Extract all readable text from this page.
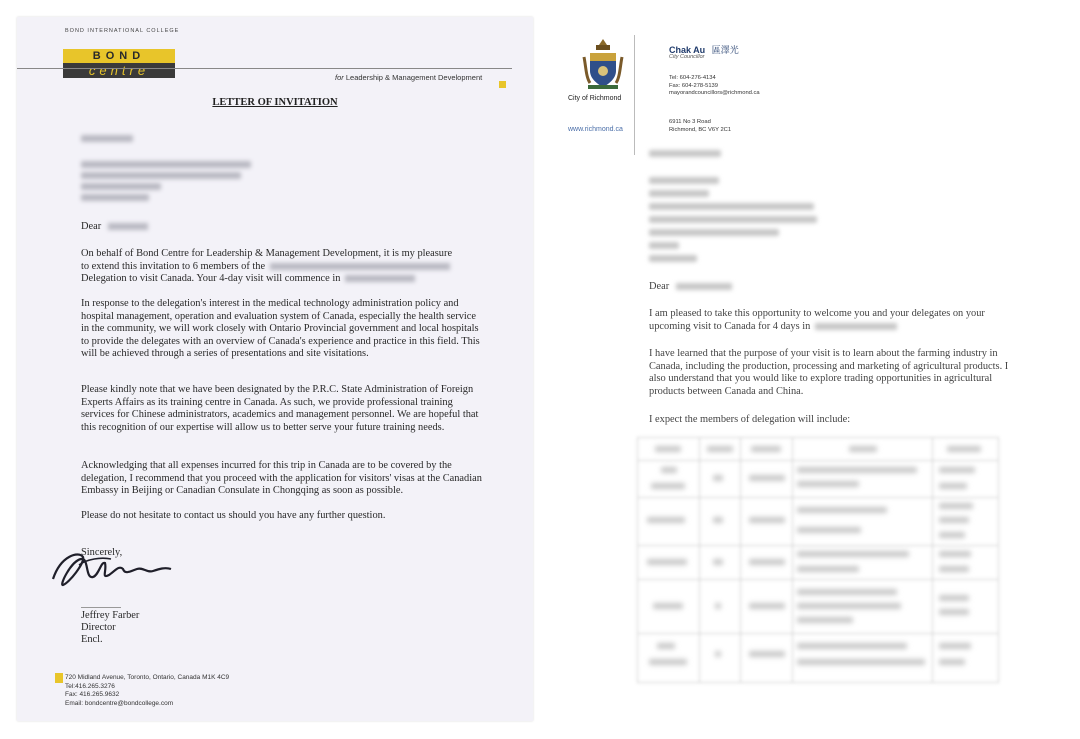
BOND INTERNATIONAL COLLEGE
BOND
centre	for Leadership & Management Development
LETTER OF INVITATION
Dear

On behalf of Bond Centre for Leadership & Management Development, it is my pleasure

to extend this invitation to 6 members of the

Delegation to visit Canada. Your 4-day visit will commence in

In response to the delegation's interest in the medical technology administration policy and hospital management, operation and evaluation system of Canada, especially the health service in the community, we will work closely with Ontario Provincial government and local hospitals to provide the delegates with an overview of Canada's experience and practice in this field. This will be achieved through a series of presentations and site visitations.

Please kindly note that we have been designated by the P.R.C. State Administration of Foreign Experts Affairs as its training centre in Canada. As such, we provide professional training services for Chinese administrators, academics and management personnel. We are hopeful that this recognition of our expertise will allow us to better serve your future training needs.

Acknowledging that all expenses incurred for this trip in Canada are to be covered by the delegation, I recommend that you proceed with the application for visitors' visas at the Canadian Embassy in Beijing or Canadian Consulate in Chongqing as soon as possible.

Please do not hesitate to contact us should you have any further question.

Sincerely,

Jeffrey Farber

Director

Encl.

720 Midland Avenue, Toronto, Ontario, Canada M1K 4C9
Tel:416.265.3276
Fax: 416.265.9632
Email: bondcentre@bondcollege.com
City of Richmond
www.richmond.ca
Chak Au 區澤光
City Councillor
Tel: 604-276-4134
Fax: 604-278-5139
mayorandcouncillors@richmond.ca
6911 No 3 Road
Richmond, BC V6Y 2C1
Dear

I am pleased to take this opportunity to welcome you and your delegates on your

upcoming visit to Canada for 4 days in

I have learned that the purpose of your visit is to learn about the farming industry in Canada, including the production, processing and marketing of agricultural products. I also understand that you would like to explore trading opportunities in agricultural products between Canada and China.

I expect the members of delegation will include:
